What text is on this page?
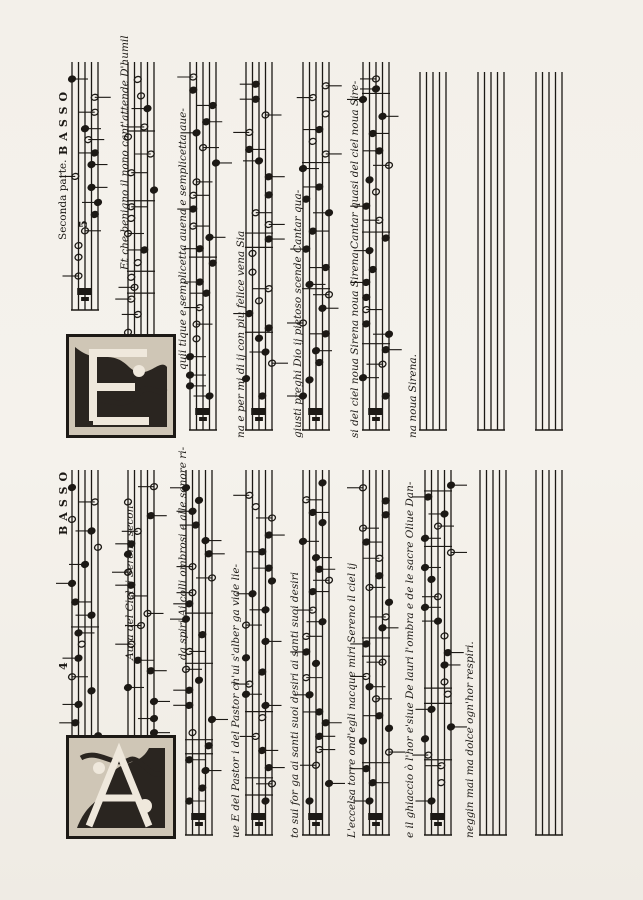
4
BASSO
Aura del Ciel ij Serene secon-	da spiri Ai colli ombrosi e alle sonore ri-
ue E del Pastor i del Pastor ch'ui s'alber ga vide lie-	to sui for ga ai santi suoi desiri ai santi suoi desiri	L'eccelsa torre ond'egli nacque miri Sereno il ciel ij	e il ghiaccio ò l'hor e'siue De lauri l'ombra e de le sacre Oliue Dan-	neggin mai ma dolce ogn'hor respiri.
Seconda parte. 5
BASSO	Et che benigno il nono cant'attende D'humil	quii tique e semplicetta auena e semplicetta aue-	na e per mi di ij con piu felice vena Sia	giusti preghi Dio ij pietoso scende Cantar qua-	si del ciel noua Sirena noua Sirena Cantar quasi del ciel noua Sire-	na noua Sirena.
